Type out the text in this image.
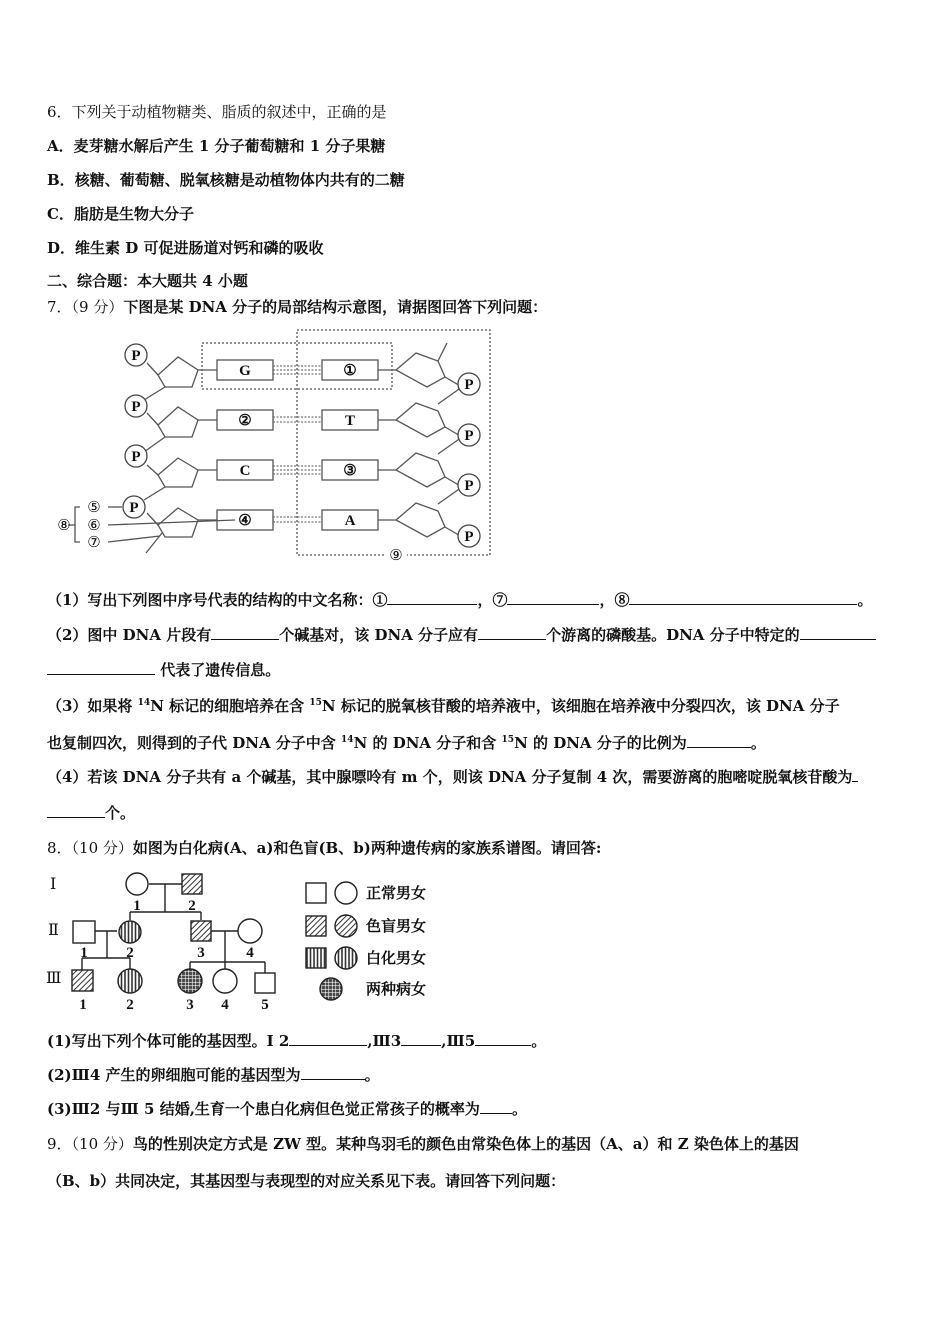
6．下列关于动植物糖类、脂质的叙述中，正确的是
A．麦芽糖水解后产生 1 分子葡萄糖和 1 分子果糖
B．核糖、葡萄糖、脱氧核糖是动植物体内共有的二糖
C．脂肪是生物大分子
D．维生素 D 可促进肠道对钙和磷的吸收
二、综合题：本大题共 4 小题
7．（9 分）下图是某 DNA 分子的局部结构示意图，请据图回答下列问题：
P
P
P
P
P
P
P
P
G
②
C
④
①
T
③
A
⑤
⑥
⑦
⑧
⑨
（1）写出下列图中序号代表的结构的中文名称：①	，⑦	，⑧	。
（2）图中 DNA 片段有	个碱基对，该 DNA 分子应有	个游离的磷酸基。DNA 分子中特定的
代表了遗传信息。
（3）如果将 $^{14}$N 标记的细胞培养在含 $^{15}$N 标记的脱氧核苷酸的培养液中，该细胞在培养液中分裂四次，该 DNA 分子
也复制四次，则得到的子代 DNA 分子中含 $^{14}$N 的 DNA 分子和含 $^{15}$N 的 DNA 分子的比例为	。
（4）若该 DNA 分子共有 a 个碱基，其中腺嘌呤有 m 个，则该 DNA 分子复制 4 次，需要游离的胞嘧啶脱氧核苷酸为
个。
8．（10 分）如图为白化病(A、a)和色盲(B、b)两种遗传病的家族系谱图。请回答:
Ⅰ
Ⅱ
Ⅲ
1	2
1	2	3	4
1	2	3 4 5
正常男女
色盲男女
白化男女
两种病女
(1)写出下列个体可能的基因型。Ⅰ 2	,Ⅲ3	,Ⅲ5	。
(2)Ⅲ4 产生的卵细胞可能的基因型为	。
(3)Ⅲ2 与Ⅲ 5 结婚,生育一个患白化病但色觉正常孩子的概率为 。
9．（10 分）鸟的性别决定方式是 ZW 型。某种鸟羽毛的颜色由常染色体上的基因（A、a）和 Z 染色体上的基因
（B、b）共同决定，其基因型与表现型的对应关系见下表。请回答下列问题：
